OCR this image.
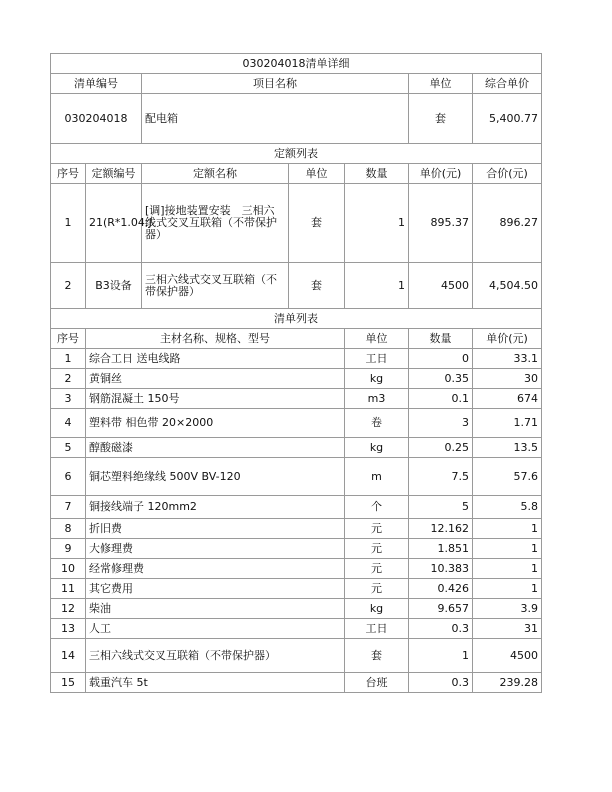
030204018清单详细							
清单编号		项目名称			单位	综合单价	
030204018		配电箱			套	5,400.77	
定额列表							
序号	定额编号	定额名称	单位	数量	单价(元)	合价(元)	
1	21(R*1.04;J	[调]接地装置安装　三相六线式交叉互联箱（不带保护器）	套	1	895.37	896.27	
2	B3设备	三相六线式交叉互联箱（不带保护器）	套	1	4500	4,504.50	
清单列表							
序号	主材名称、规格、型号			单位	数量	单价(元)	
1	综合工日 送电线路			工日	0	33.1	
2	黄铜丝			kg	0.35	30	
3	钢筋混凝土 150号			m3	0.1	674	
4	塑料带 相色带 20×2000			卷	3	1.71	
5	醇酸磁漆			kg	0.25	13.5	
6	铜芯塑料绝缘线 500V BV-120			m	7.5	57.6	
7	铜接线端子 120mm2			个	5	5.8	
8	折旧费			元	12.162	1	
9	大修理费			元	1.851	1	
10	经常修理费			元	10.383	1	
11	其它费用			元	0.426	1	
12	柴油			kg	9.657	3.9	
13	人工			工日	0.3	31	
14	三相六线式交叉互联箱（不带保护器）			套	1	4500	
15	载重汽车 5t			台班	0.3	239.28	
